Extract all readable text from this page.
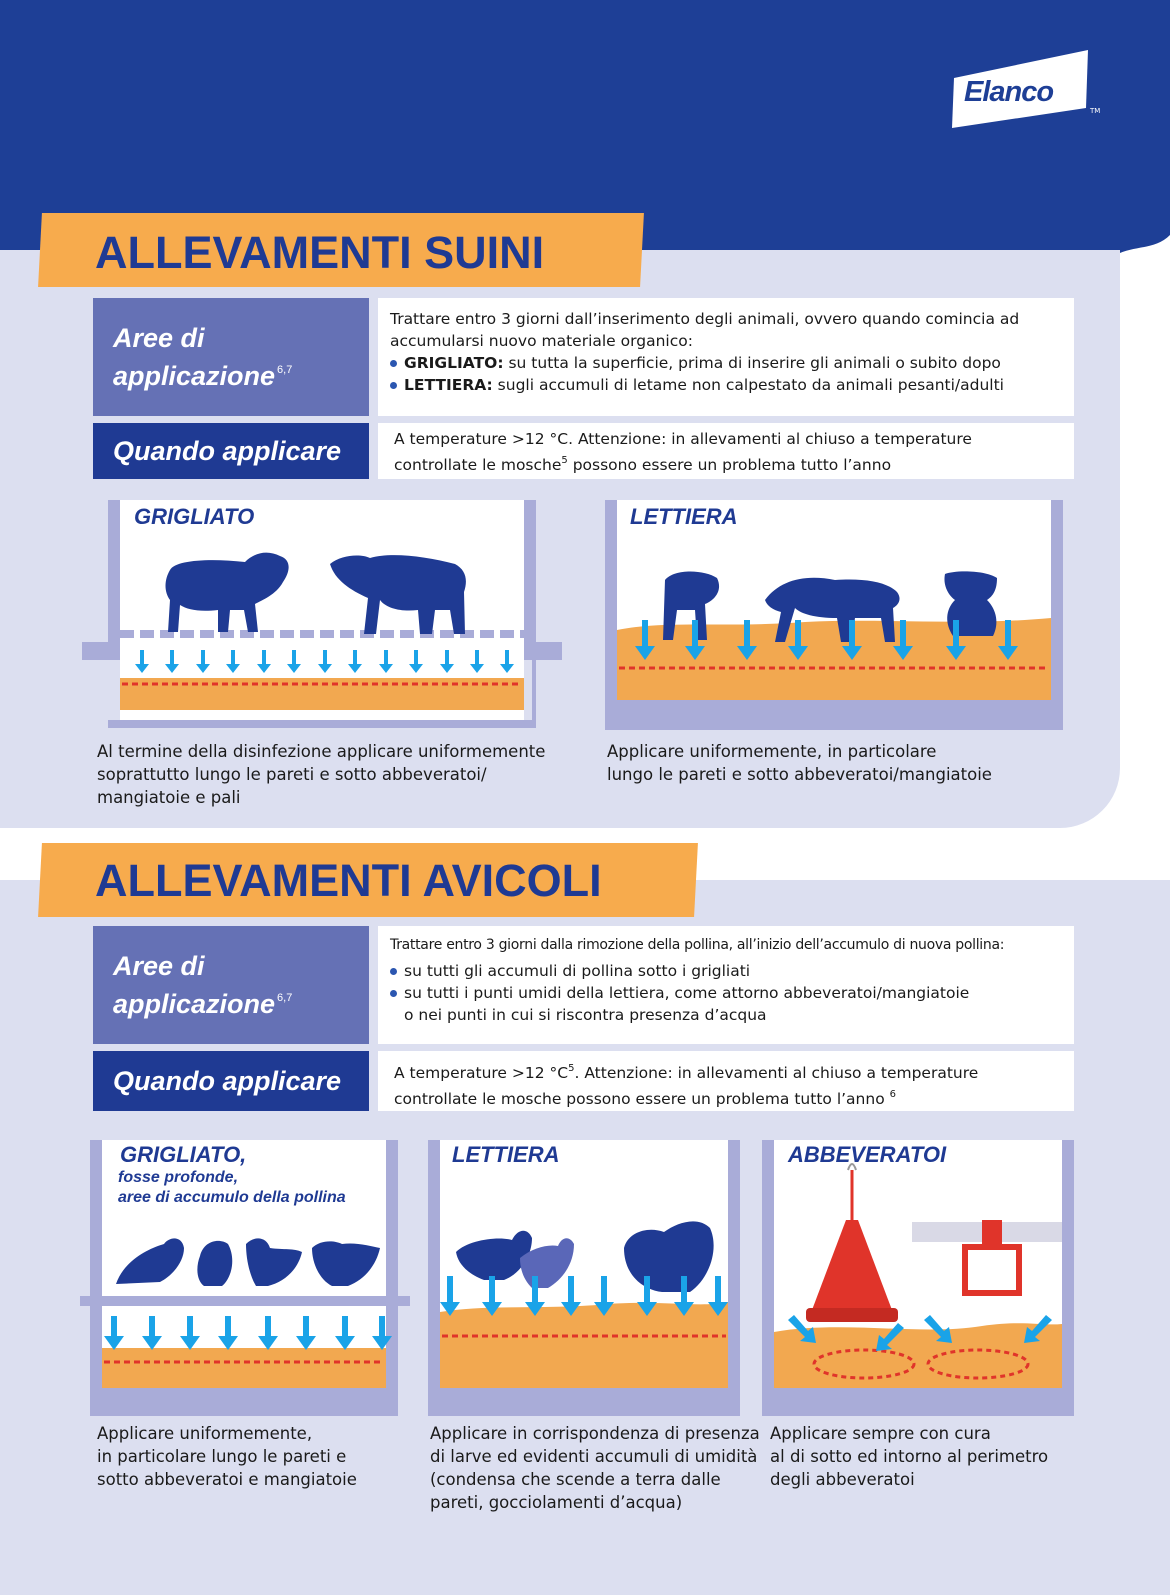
Elanco
TM
ALLEVAMENTI SUINI
Aree di applicazione $^{6,7}$
Trattare entro 3 giorni dall’inserimento degli animali, ovvero quando comincia ad accumularsi nuovo materiale organico:
GRIGLIATO: su tutta la superficie, prima di inserire gli animali o subito dopo
LETTIERA: sugli accumuli di letame non calpestato da animali pesanti/adulti
Quando applicare	A temperature >12 °C. Attenzione: in allevamenti al chiuso a temperature
controllate le mosche$^5$ possono essere un problema tutto l’anno
GRIGLIATO
Al termine della disinfezione applicare uniformemente
soprattutto lungo le pareti e sotto abbeveratoi/
mangiatoie e pali
LETTIERA
Applicare uniformemente, in particolare
lungo le pareti e sotto abbeveratoi/mangiatoie
ALLEVAMENTI AVICOLI
Aree di applicazione $^{6,7}$
Trattare entro 3 giorni dalla rimozione della pollina, all’inizio dell’accumulo di nuova pollina:
su tutti gli accumuli di pollina sotto i grigliati
su tutti i punti umidi della lettiera, come attorno abbeveratoi/mangiatoie
o nei punti in cui si riscontra presenza d’acqua
Quando applicare	A temperature >12 $^\circ C^5$. Attenzione: in allevamenti al chiuso a temperature
controllate le mosche possono essere un problema tutto l’anno $^6$
GRIGLIATO,
fosse profonde,
aree di accumulo della pollina
Applicare uniformemente,
in particolare lungo le pareti e
sotto abbeveratoi e mangiatoie
LETTIERA
Applicare in corrispondenza di presenza
di larve ed evidenti accumuli di umidità
(condensa che scende a terra dalle
pareti, gocciolamenti d’acqua)
ABBEVERATOI
Applicare sempre con cura
al di sotto ed intorno al perimetro
degli abbeveratoi
